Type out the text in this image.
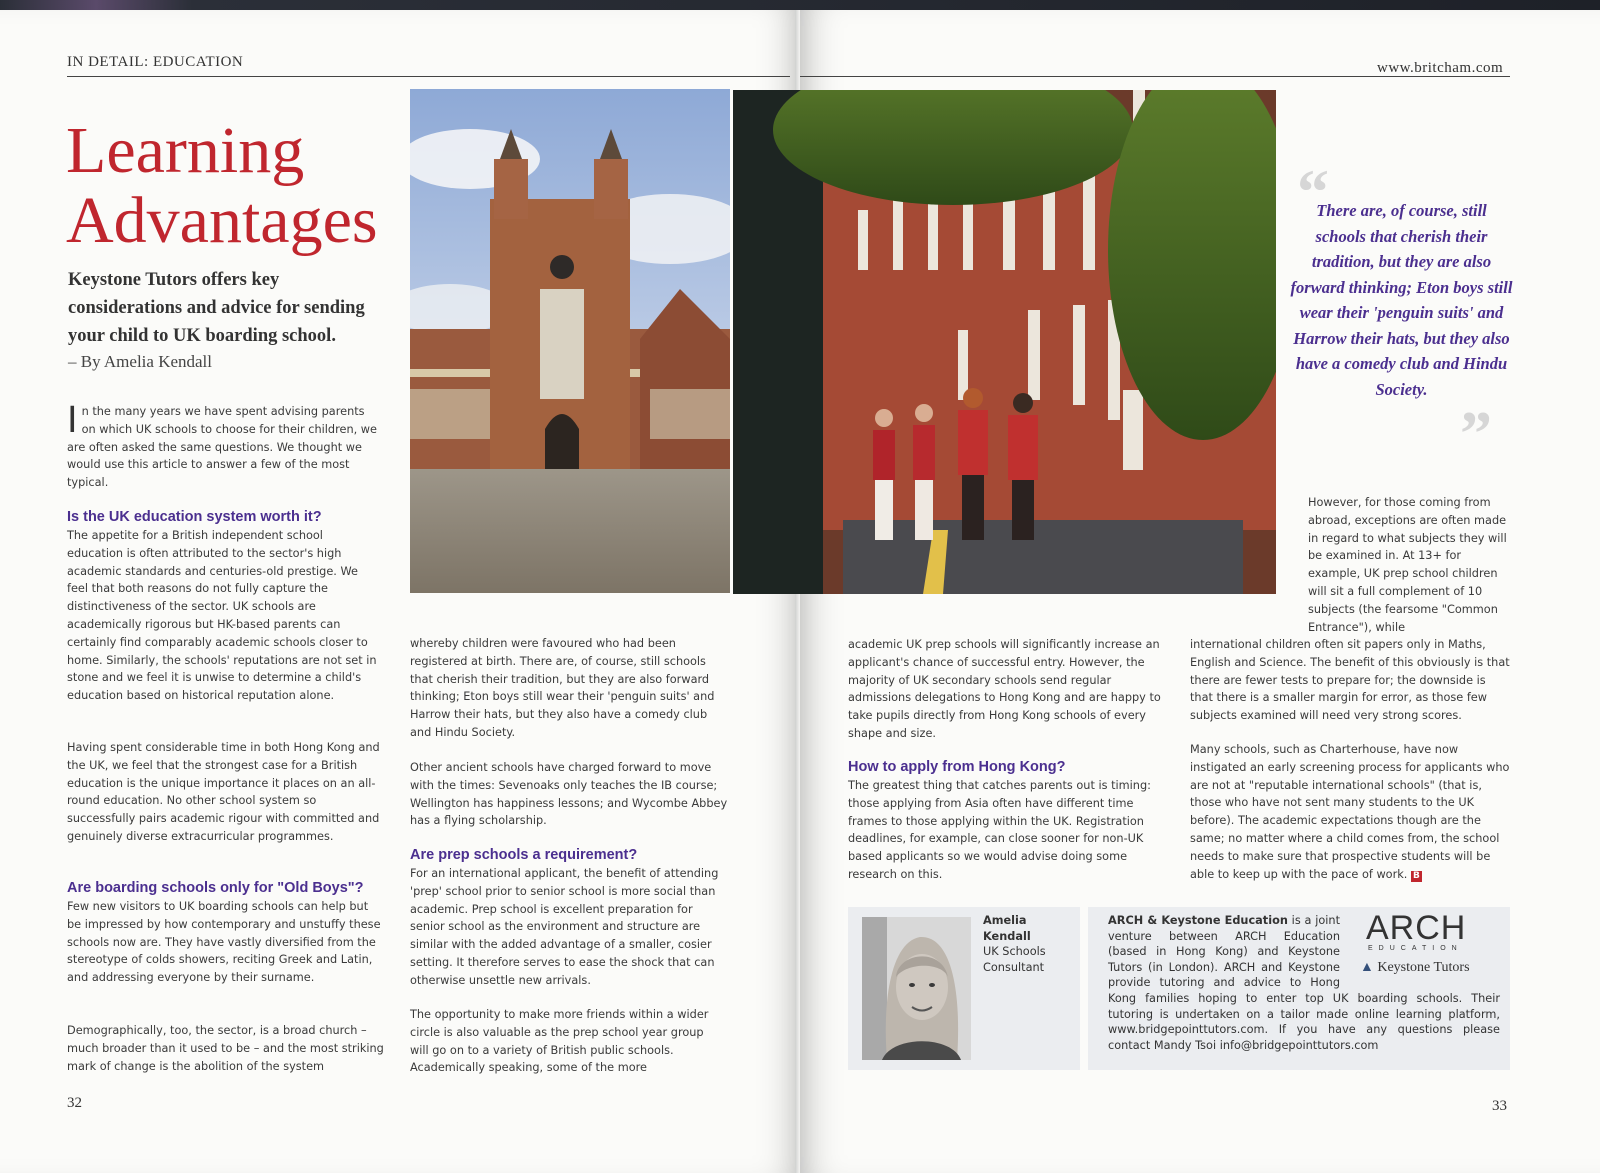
IN DETAIL: EDUCATION
Learning
Advantages
Keystone Tutors offers key considerations and advice for sending your child to UK boarding school.
– By Amelia Kendall
In the many years we have spent advising parents on which UK schools to choose for their children, we are often asked the same questions. We thought we would use this article to answer a few of the most typical.
Is the UK education system worth it?
The appetite for a British independent school education is often attributed to the sector's high academic standards and centuries-old prestige. We feel that both reasons do not fully capture the distinctiveness of the sector. UK schools are academically rigorous but HK-based parents can certainly find comparably academic schools closer to home. Similarly, the schools' reputations are not set in stone and we feel it is unwise to determine a child's education based on historical reputation alone.
Having spent considerable time in both Hong Kong and the UK, we feel that the strongest case for a British education is the unique importance it places on an all-round education. No other school system so successfully pairs academic rigour with committed and genuinely diverse extracurricular programmes.
Are boarding schools only for "Old Boys"?
Few new visitors to UK boarding schools can help but be impressed by how contemporary and unstuffy these schools now are. They have vastly diversified from the stereotype of colds showers, reciting Greek and Latin, and addressing everyone by their surname.
Demographically, too, the sector, is a broad church – much broader than it used to be – and the most striking mark of change is the abolition of the system
whereby children were favoured who had been registered at birth. There are, of course, still schools that cherish their tradition, but they are also forward thinking; Eton boys still wear their 'penguin suits' and Harrow their hats, but they also have a comedy club and Hindu Society.
Other ancient schools have charged forward to move with the times: Sevenoaks only teaches the IB course; Wellington has happiness lessons; and Wycombe Abbey has a flying scholarship.
Are prep schools a requirement?
For an international applicant, the benefit of attending 'prep' school prior to senior school is more social than academic. Prep school is excellent preparation for senior school as the environment and structure are similar with the added advantage of a smaller, cosier setting. It therefore serves to ease the shock that can otherwise unsettle new arrivals.
The opportunity to make more friends within a wider circle is also valuable as the prep school year group will go on to a variety of British public schools. Academically speaking, some of the more
32
www.britcham.com
“
There are, of course, still schools that cherish their tradition, but they are also forward thinking; Eton boys still wear their 'penguin suits' and Harrow their hats, but they also have a comedy club and Hindu Society.
”
However, for those coming from abroad, exceptions are often made in regard to what subjects they will be examined in. At 13+ for example, UK prep school children will sit a full complement of 10 subjects (the fearsome "Common Entrance"), while
academic UK prep schools will significantly increase an applicant's chance of successful entry. However, the majority of UK secondary schools send regular admissions delegations to Hong Kong and are happy to take pupils directly from Hong Kong schools of every shape and size.
How to apply from Hong Kong?
The greatest thing that catches parents out is timing: those applying from Asia often have different time frames to those applying within the UK. Registration deadlines, for example, can close sooner for non-UK based applicants so we would advise doing some research on this.
international children often sit papers only in Maths, English and Science. The benefit of this obviously is that there are fewer tests to prepare for; the downside is that there is a smaller margin for error, as those few subjects examined will need very strong scores.
Many schools, such as Charterhouse, have now instigated an early screening process for applicants who are not at "reputable international schools" (that is, those who have not sent many students to the UK before). The academic expectations though are the same; no matter where a child comes from, the school needs to make sure that prospective students will be able to keep up with the pace of work. B
Amelia
Kendall
UK Schools
Consultant
ARCH
EDUCATION
▲ Keystone Tutors
ARCH & Keystone Education is a joint venture between ARCH Education (based in Hong Kong) and Keystone Tutors (in London). ARCH and Keystone provide tutoring and advice to Hong Kong families hoping to enter top UK boarding schools. Their tutoring is undertaken on a tailor made online learning platform, www.bridgepointtutors.com. If you have any questions please contact Mandy Tsoi info@bridgepointtutors.com
33
